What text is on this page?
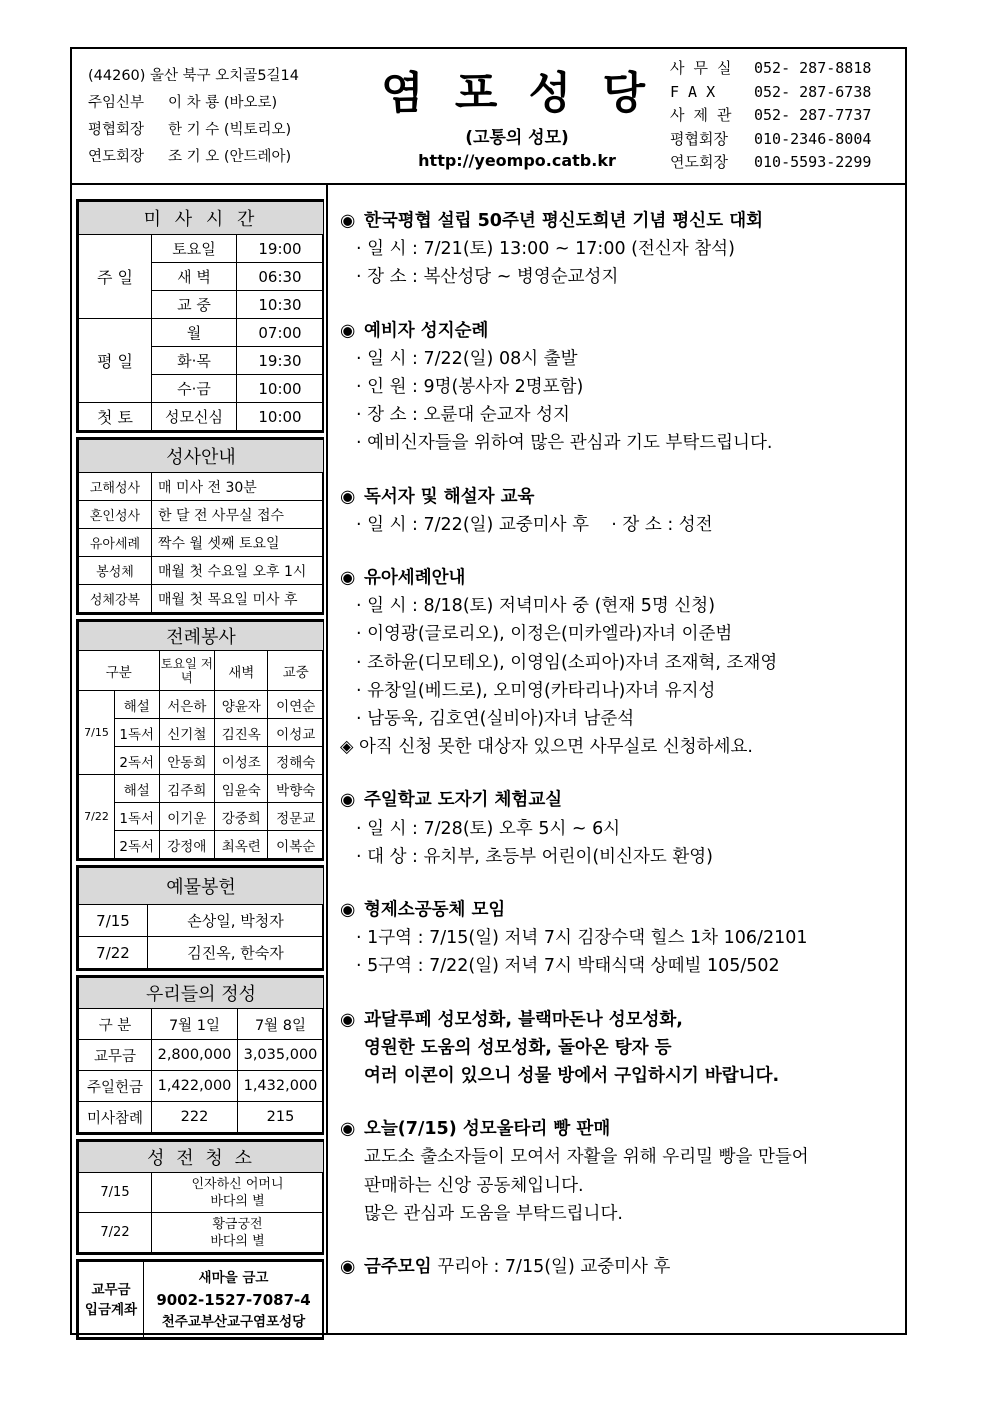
(44260) 울산 북구 오치골5길14
주임신부 이 차 룡 (바오로)
평협회장 한 기 수 (빅토리오)
연도회장 조 기 오 (안드레아)
염 포 성 당
(고통의 성모)
http://yeompo.catb.kr
사 무 실 052- 287-8818
F A X	052- 287-6738
사 제 관 052- 287-7737
평협회장 010-2346-8004
연도회장 010-5593-2299
미 사 시 간		
주 일	토요일	19:00
	새 벽	06:30
	교 중	10:30
평 일	월	07:00
	화·목	19:30
	수·금	10:00
첫 토	성모신심	10:00
성사안내	
고해성사	매 미사 전 30분
혼인성사	한 달 전 사무실 접수
유아세례	짝수 월 셋째 토요일
봉성체	매월 첫 수요일 오후 1시
성체강복	매월 첫 목요일 미사 후
전례봉사				
구분		토요일 저녁	새벽	교중
7/15	해설	서은하	양윤자	이연순
	1독서	신기철	김진옥	이성교
	2독서	안동희	이성조	정해숙
7/22	해설	김주희	임윤숙	박향숙
	1독서	이기운	강중희	정문교
	2독서	강정애	최옥련	이복순
예물봉헌	
7/15	손상일, 박청자
7/22	김진옥, 한숙자
우리들의 정성		
구 분	7월 1일	7월 8일
교무금	2,800,000	3,035,000
주일헌금	1,422,000	1,432,000
미사참례	222	215
성 전 청 소	
7/15	인자하신 어머니
바다의 별

7/22	황금궁전
바다의 별
교무금
입금계좌

새마을 금고
9002-1527-7087-4
천주교부산교구염포성당
◉ 한국평협 설립 50주년 평신도희년 기념 평신도 대회
· 일 시 : 7/21(토) 13:00 ~ 17:00 (전신자 참석)
· 장 소 : 복산성당 ~ 병영순교성지
◉ 예비자 성지순례
· 일 시 : 7/22(일) 08시 출발
· 인 원 : 9명(봉사자 2명포함)
· 장 소 : 오륜대 순교자 성지
· 예비신자들을 위하여 많은 관심과 기도 부탁드립니다.
◉ 독서자 및 해설자 교육
· 일 시 : 7/22(일) 교중미사 후    · 장 소 : 성전
◉ 유아세례안내
· 일 시 : 8/18(토) 저녁미사 중 (현재 5명 신청)
· 이영광(글로리오), 이정은(미카엘라)자녀 이준범
· 조하윤(디모테오), 이영임(소피아)자녀 조재혁, 조재영
· 유창일(베드로), 오미영(카타리나)자녀 유지성
· 남동욱, 김호연(실비아)자녀 남준석
◈ 아직 신청 못한 대상자 있으면 사무실로 신청하세요.
◉ 주일학교 도자기 체험교실
· 일 시 : 7/28(토) 오후 5시 ~ 6시
· 대 상 : 유치부, 초등부 어린이(비신자도 환영)
◉ 형제소공동체 모임
· 1구역 : 7/15(일) 저녁 7시 김장수댁 힐스 1차 106/2101
· 5구역 : 7/22(일) 저녁 7시 박태식댁 상떼빌 105/502
◉ 과달루페 성모성화, 블랙마돈나 성모성화,
영원한 도움의 성모성화, 돌아온 탕자 등
여러 이콘이 있으니 성물 방에서 구입하시기 바랍니다.
◉ 오늘(7/15) 성모울타리 빵 판매
교도소 출소자들이 모여서 자활을 위해 우리밀 빵을 만들어
판매하는 신앙 공동체입니다.
많은 관심과 도움을 부탁드립니다.
◉ 금주모임 꾸리아 : 7/15(일) 교중미사 후
